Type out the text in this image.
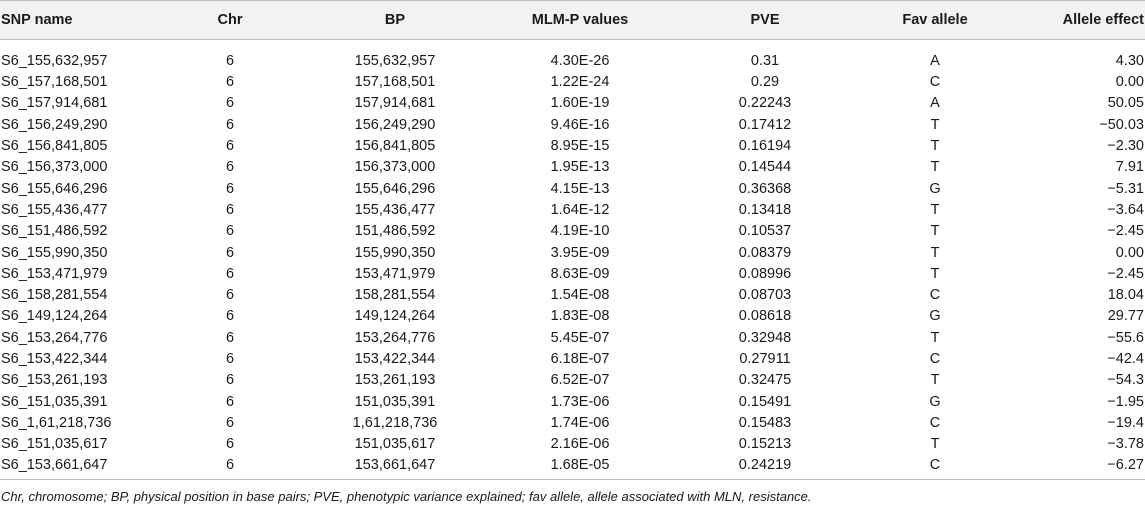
SNP name	Chr	BP	MLM-P values	PVE	Fav allele	Allele effect
S6_155,632,957	6	155,632,957	4.30E-26	0.31	A	4.30
S6_157,168,501	6	157,168,501	1.22E-24	0.29	C	0.00
S6_157,914,681	6	157,914,681	1.60E-19	0.22243	A	50.05
S6_156,249,290	6	156,249,290	9.46E-16	0.17412	T	−50.03
S6_156,841,805	6	156,841,805	8.95E-15	0.16194	T	−2.30
S6_156,373,000	6	156,373,000	1.95E-13	0.14544	T	7.91
S6_155,646,296	6	155,646,296	4.15E-13	0.36368	G	−5.31
S6_155,436,477	6	155,436,477	1.64E-12	0.13418	T	−3.64
S6_151,486,592	6	151,486,592	4.19E-10	0.10537	T	−2.45
S6_155,990,350	6	155,990,350	3.95E-09	0.08379	T	0.00
S6_153,471,979	6	153,471,979	8.63E-09	0.08996	T	−2.45
S6_158,281,554	6	158,281,554	1.54E-08	0.08703	C	18.04
S6_149,124,264	6	149,124,264	1.83E-08	0.08618	G	29.77
S6_153,264,776	6	153,264,776	5.45E-07	0.32948	T	−55.6
S6_153,422,344	6	153,422,344	6.18E-07	0.27911	C	−42.4
S6_153,261,193	6	153,261,193	6.52E-07	0.32475	T	−54.3
S6_151,035,391	6	151,035,391	1.73E-06	0.15491	G	−1.95
S6_1,61,218,736	6	1,61,218,736	1.74E-06	0.15483	C	−19.4
S6_151,035,617	6	151,035,617	2.16E-06	0.15213	T	−3.78
S6_153,661,647	6	153,661,647	1.68E-05	0.24219	C	−6.27
Chr, chromosome; BP, physical position in base pairs; PVE, phenotypic variance explained; fav allele, allele associated with MLN, resistance.
